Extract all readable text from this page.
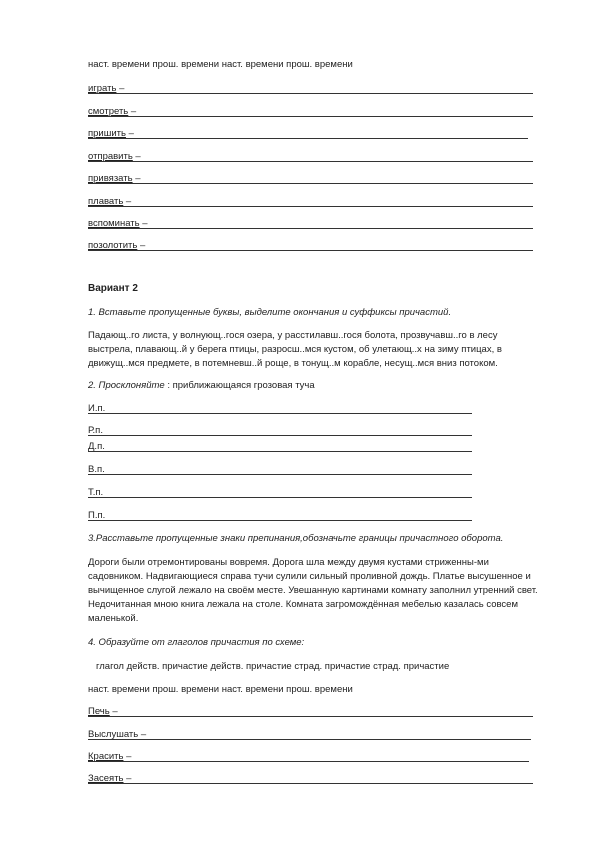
наст. времени прош. времени наст. времени прош. времени
играть –
смотреть –
пришить –
отправить –
привязать –
плавать –
вспоминать –
позолотить –
Вариант 2
1. Вставьте пропущенные буквы, выделите окончания и суффиксы причастий.
Падающ..го листа, у волнующ..гося озера, у расстилавш..гося болота, прозвучавш..го в лесу выстрела, плавающ..й у берега птицы, разросш..мся кустом, об улетающ..х на зиму птицах, в движущ..мся предмете, в потемневш..й роще, в тонущ..м корабле, несущ..мся вниз потоком.
2. Просклоняйте : приближающаяся грозовая туча
И.п.
Р.п.
Д.п.
В.п.
Т.п.
П.п.
3.Расставьте пропущенные знаки препинания,обозначьте границы причастного оборота.
Дороги были отремонтированы вовремя. Дорога шла между двумя кустами стриженны-ми садовником. Надвигающиеся справа тучи сулили сильный проливной дождь. Платье высушенное и вычищенное слугой лежало на своём месте. Увешанную картинами комнату заполнил утренний свет. Недочитанная мною книга лежала на столе. Комната загромождённая мебелью казалась совсем маленькой.
4. Образуйте от глаголов причастия по схеме:
глагол действ. причастие действ. причастие страд. причастие страд. причастие
наст. времени прош. времени наст. времени прош. времени
Печь –
Выслушать –
Красить –
Засеять –
